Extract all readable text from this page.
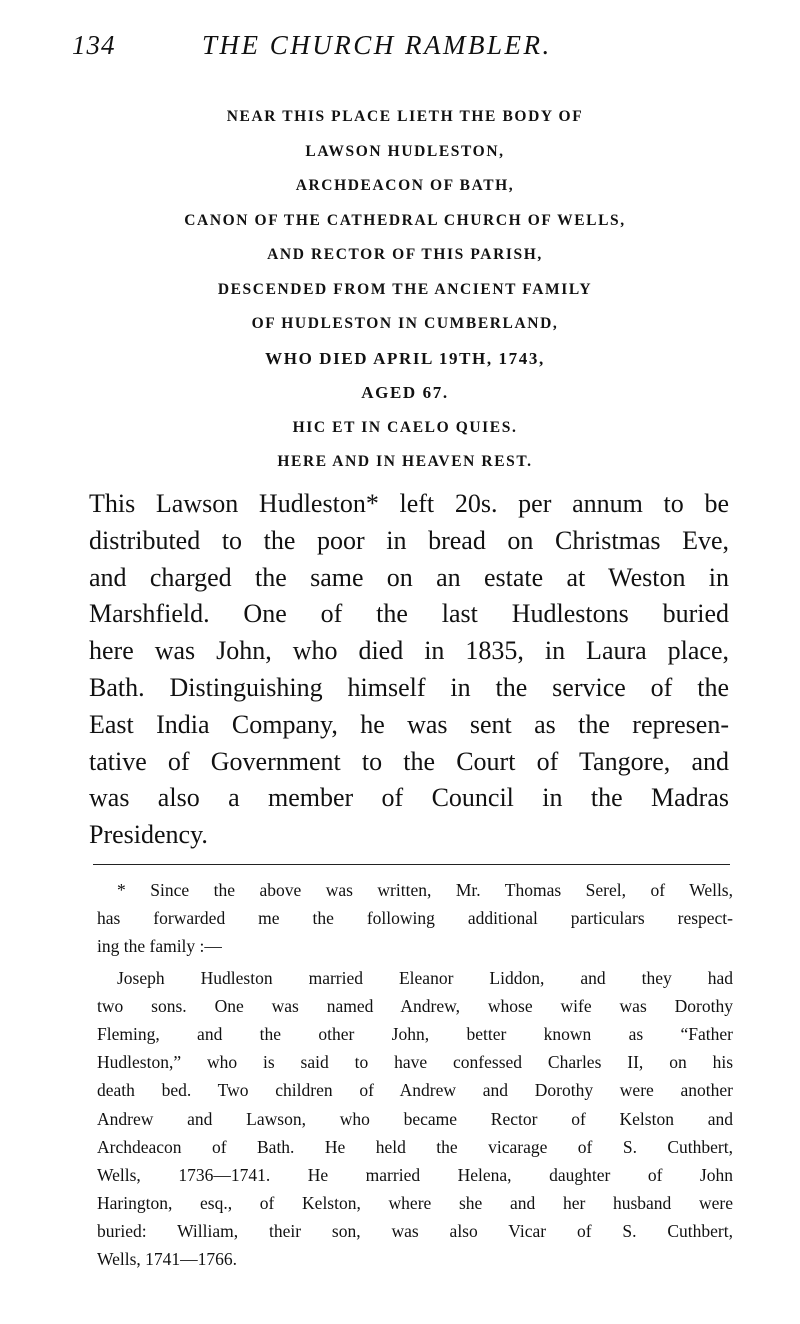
134	THE CHURCH RAMBLER.
NEAR THIS PLACE LIETH THE BODY OF
LAWSON HUDLESTON,
ARCHDEACON OF BATH,
CANON OF THE CATHEDRAL CHURCH OF WELLS,
AND RECTOR OF THIS PARISH,
DESCENDED FROM THE ANCIENT FAMILY
OF HUDLESTON IN CUMBERLAND,
WHO DIED APRIL 19TH, 1743,
AGED 67.
HIC ET IN CAELO QUIES.
HERE AND IN HEAVEN REST.
This Lawson Hudleston* left 20s. per annum to be
distributed to the poor in bread on Christmas Eve,
and charged the same on an estate at Weston in
Marshfield. One of the last Hudlestons buried
here was John, who died in 1835, in Laura place,
Bath. Distinguishing himself in the service of the
East India Company, he was sent as the represen-
tative of Government to the Court of Tangore, and
was also a member of Council in the Madras
Presidency.
* Since the above was written, Mr. Thomas Serel, of Wells,
has forwarded me the following additional particulars respect-
ing the family :—
Joseph Hudleston married Eleanor Liddon, and they had
two sons. One was named Andrew, whose wife was Dorothy
Fleming, and the other John, better known as “Father
Hudleston,” who is said to have confessed Charles II, on his
death bed. Two children of Andrew and Dorothy were another
Andrew and Lawson, who became Rector of Kelston and
Archdeacon of Bath. He held the vicarage of S. Cuthbert,
Wells, 1736—1741. He married Helena, daughter of John
Harington, esq., of Kelston, where she and her husband were
buried: William, their son, was also Vicar of S. Cuthbert,
Wells, 1741—1766.
